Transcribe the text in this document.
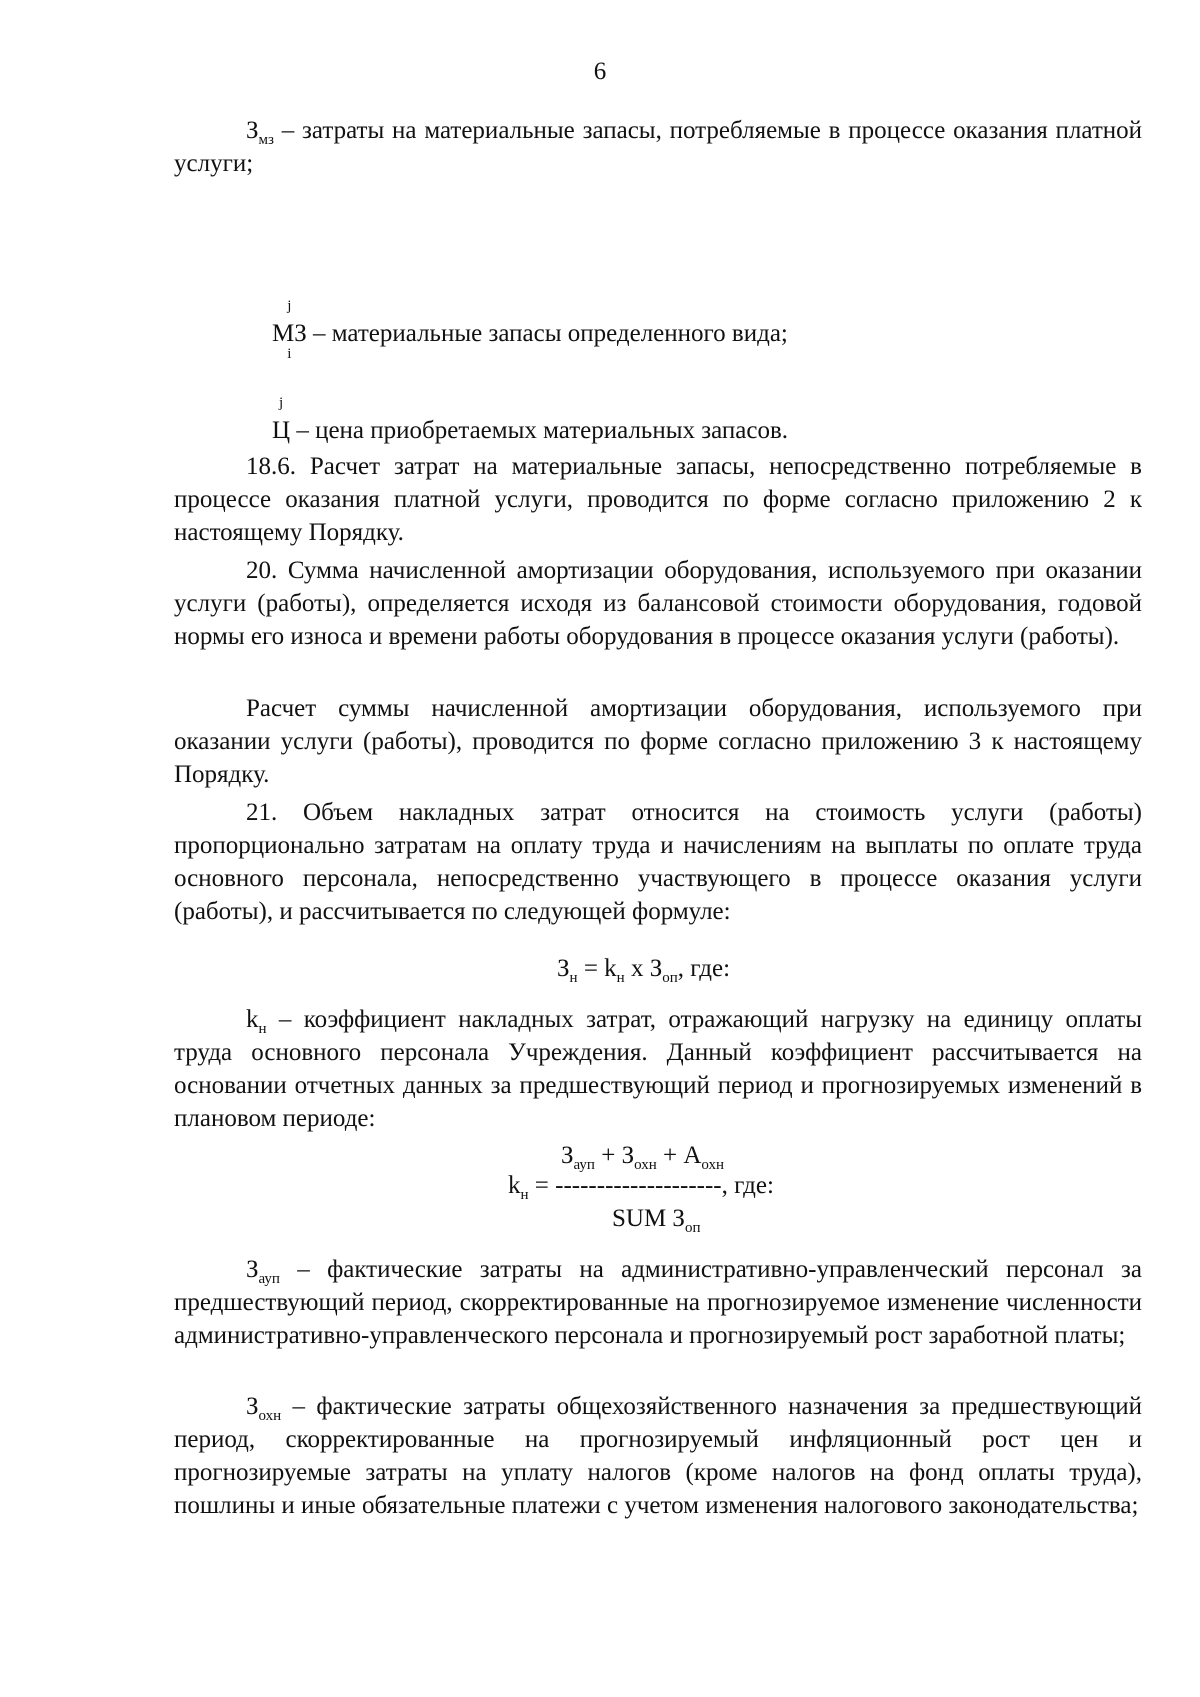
6

$З_{мз}$ – затраты на материальные запасы, потребляемые в процессе оказания платной услуги;

МЗ
j
i
– материальные запасы определенного вида;
Ц
j
– цена приобретаемых материальных запасов.

18.6. Расчет затрат на материальные запасы, непосредственно потребляемые в процессе оказания платной услуги, проводится по форме согласно приложению 2 к настоящему Порядку.

20. Сумма начисленной амортизации оборудования, используемого при оказании услуги (работы), определяется исходя из балансовой стоимости оборудования, годовой нормы его износа и времени работы оборудования в процессе оказания услуги (работы).

Расчет суммы начисленной амортизации оборудования, используемого при оказании услуги (работы), проводится по форме согласно приложению 3 к настоящему Порядку.

21. Объем накладных затрат относится на стоимость услуги (работы) пропорционально затратам на оплату труда и начислениям на выплаты по оплате труда основного персонала, непосредственно участвующего в процессе оказания услуги (работы), и рассчитывается по следующей формуле:

$З_н = k_н$ х $З_{оп}$, где:

$k_н$ – коэффициент накладных затрат, отражающий нагрузку на единицу оплаты труда основного персонала Учреждения. Данный коэффициент рассчитывается на основании отчетных данных за предшествующий период и прогнозируемых изменений в плановом периоде:

$З_{ауп} + З_{охн} + А_{охн}$
$k_н$ = --------------------, где:
SUM $З_{оп}$

$З_{ауп}$ – фактические затраты на административно-управленческий персонал за предшествующий период, скорректированные на прогнозируемое изменение численности административно-управленческого персонала и прогнозируемый рост заработной платы;

$З_{охн}$ – фактические затраты общехозяйственного назначения за предшествующий период, скорректированные на прогнозируемый инфляционный рост цен и прогнозируемые затраты на уплату налогов (кроме налогов на фонд оплаты труда), пошлины и иные обязательные платежи с учетом изменения налогового законодательства;
